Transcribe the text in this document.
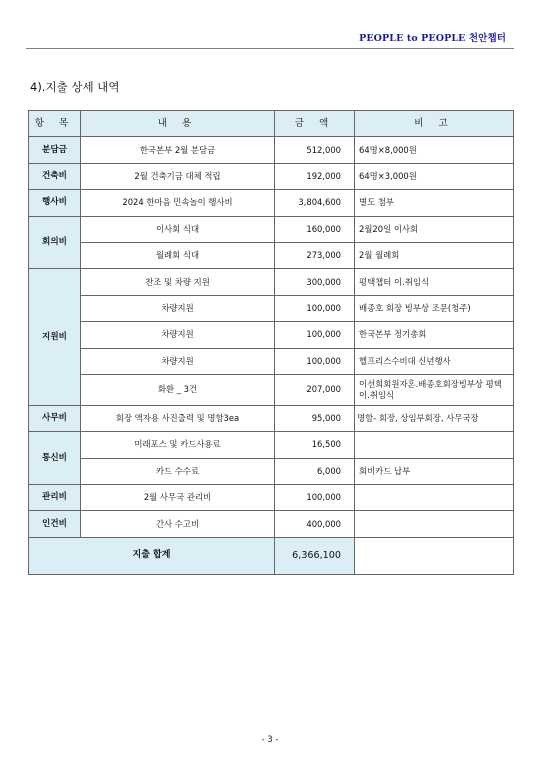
PEOPLE to PEOPLE 천안챕터
4).지출 상세 내역
항 목	내 용	금 액	비 고
분담금	한국본부 2월 분담금	512,000	64명×8,000원
건축비	2월 건축기금 대체 적립	192,000	64명×3,000원
행사비	2024 한마음 민속놀이 행사비	3,804,600	별도 첨부
회의비	이사회 식대	160,000	2월20일 이사회
	월례회 식대	273,000	2월 월례회
지원비	찬조 및 차량 지원	300,000	평택챕터 이.취임식
	차량지원	100,000	배종호 회장 빙부상 조문(청주)
	차량지원	100,000	한국본부 정기총회
	차량지원	100,000	헬프리스수비대 신년행사
	화환 _ 3건	207,000	이선희회원자혼.배종호회장빙부상 평택 이.취임식
사무비	회장 액자용 사진출력 및 명함3ea	95,000	명함- 회장, 상임부회장, 사무국장
통신비	미래포스 및 카드사용료	16,500	
	카드 수수료	6,000	회비카드 납부
관리비	2월 사무국 관리비	100,000	
인건비	간사 수고비	400,000	
지출 합계		6,366,100	
- 3 -
